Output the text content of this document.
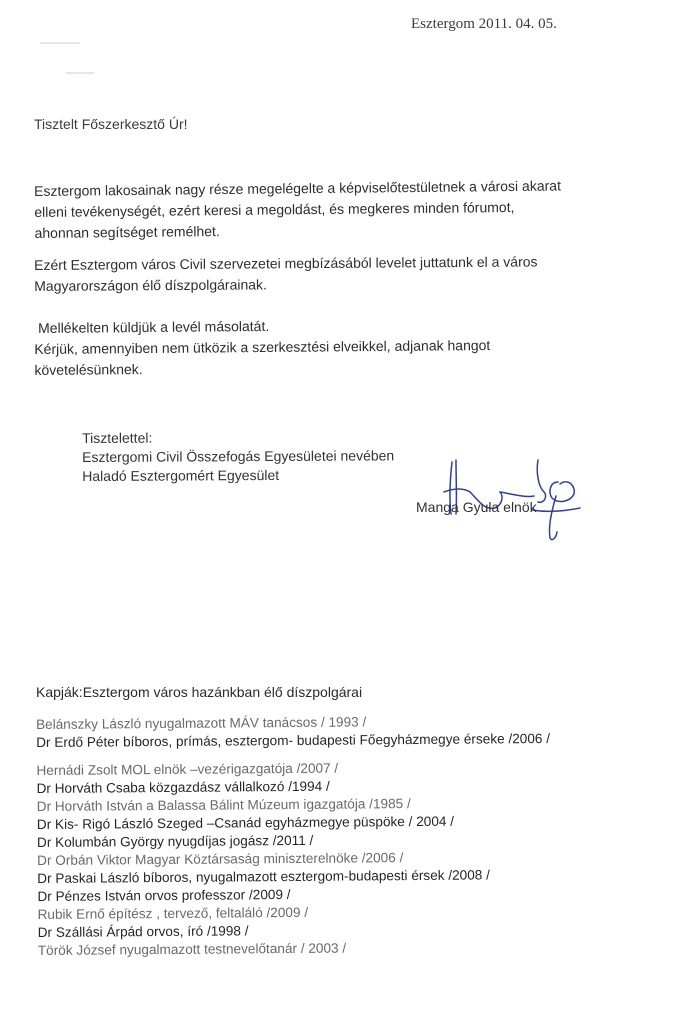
Esztergom 2011. 04. 05.
Tisztelt Főszerkesztő Úr!

Esztergom lakosainak nagy része megelégelte a képviselőtestületnek a városi akarat
elleni tevékenységét, ezért keresi a megoldást, és megkeres minden fórumot,
ahonnan segítséget remélhet.

Ezért Esztergom város Civil szervezetei megbízásából levelet juttatunk el a város
Magyarországon élő díszpolgárainak.

Mellékelten küldjük a levél másolatát.
Kérjük, amennyiben nem ütközik a szerkesztési elveikkel, adjanak hangot
követelésünknek.

Tisztelettel:
Esztergomi Civil Összefogás Egyesületei nevében
Haladó Esztergomért Egyesület
Manga Gyula elnök
Kapják:Esztergom város hazánkban élő díszpolgárai
Belánszky László nyugalmazott MÁV tanácsos / 1993 /
Dr Erdő Péter bíboros, prímás, esztergom- budapesti Főegyházmegye érseke /2006 /
Hernádi Zsolt MOL elnök –vezérigazgatója /2007 /
Dr Horváth Csaba közgazdász vállalkozó /1994 /
Dr Horváth István a Balassa Bálint Múzeum igazgatója /1985 /
Dr Kis- Rigó László Szeged –Csanád egyházmegye püspöke / 2004 /
Dr Kolumbán György nyugdíjas jogász /2011 /
Dr Orbán Viktor Magyar Köztársaság miniszterelnöke /2006 /
Dr Paskai László bíboros, nyugalmazott esztergom-budapesti érsek /2008 /
Dr Pénzes István orvos professzor /2009 /
Rubik Ernő építész , tervező, feltaláló /2009 /
Dr Szállási Árpád orvos, író /1998 /
Török József nyugalmazott testnevelőtanár / 2003 /
